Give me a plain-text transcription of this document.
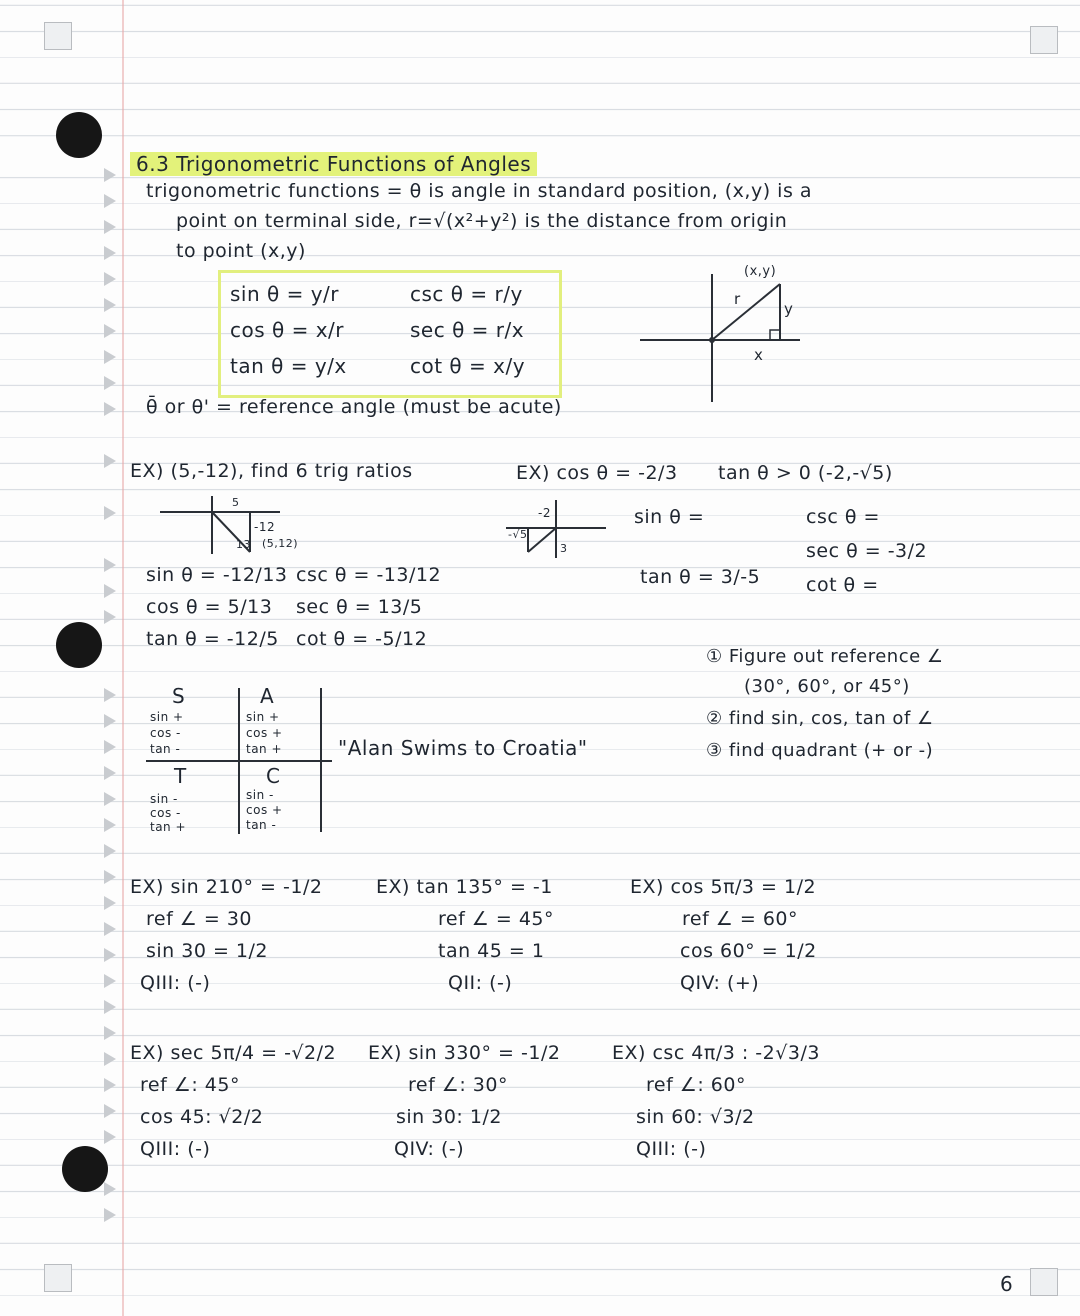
6.3 Trigonometric Functions of Angles
trigonometric functions = θ is angle in standard position, (x,y) is a
point on terminal side, r=√(x²+y²) is the distance from origin
to point (x,y)
sin θ = y/r
cos θ = x/r
tan θ = y/x
csc θ = r/y
sec θ = r/x
cot θ = x/y
(x,y)
r
y
x
θ̄ or θ' = reference angle (must be acute)
EX) (5,-12), find 6 trig ratios
5
-12
13 (5,12)
sin θ = -12/13
cos θ = 5/13
tan θ = -12/5
csc θ = -13/12
sec θ = 13/5
cot θ = -5/12
EX) cos θ = -2/3 tan θ > 0 (-2,-√5)
-2
-√5
3
sin θ =
tan θ = 3/-5
csc θ =
sec θ = -3/2
cot θ =
S
sin +
cos -
tan -
A
sin +
cos +
tan +
T
sin -
cos -
tan +
C
sin -
cos +
tan -
"Alan Swims to Croatia"
① Figure out reference ∠
(30°, 60°, or 45°)
② find sin, cos, tan of ∠
③ find quadrant (+ or -)
EX) sin 210° = -1/2
ref ∠ = 30
sin 30 = 1/2
QIII: (-)
EX) tan 135° = -1
ref ∠ = 45°
tan 45 = 1
QII: (-)
EX) cos 5π/3 = 1/2
ref ∠ = 60°
cos 60° = 1/2
QIV: (+)
EX) sec 5π/4 = -√2/2
ref ∠: 45°
cos 45: √2/2
QIII: (-)
EX) sin 330° = -1/2
ref ∠: 30°
sin 30: 1/2
QIV: (-)
EX) csc 4π/3 : -2√3/3
ref ∠: 60°
sin 60: √3/2
QIII: (-)
6
